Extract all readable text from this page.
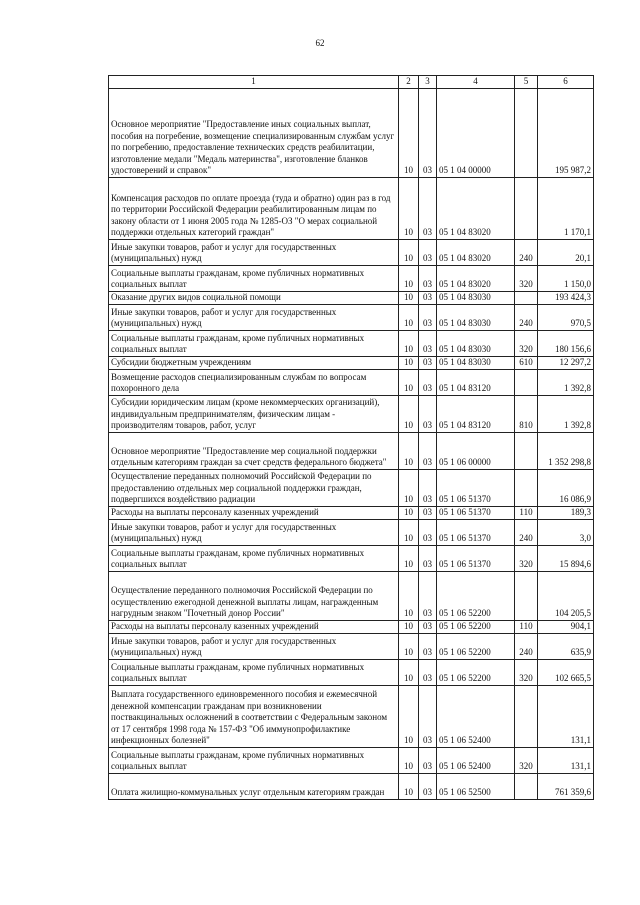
62
1	2	3	4	5	6
Основное мероприятие "Предоставление иных социальных выплат, пособия на погребение, возмещение специализированным службам услуг по погребению, предоставление технических средств реабилитации, изготовление медали "Медаль материнства", изготовление бланков удостоверений и справок"	10	03	05 1 04 00000		195 987,2
Компенсация расходов по оплате проезда (туда и обратно) один раз в год по территории Российской Федерации реабилитированным лицам по закону области от 1 июня 2005 года № 1285-ОЗ "О мерах социальной поддержки отдельных категорий граждан"	10	03	05 1 04 83020		1 170,1
Иные закупки товаров, работ и услуг для государственных (муниципальных) нужд	10	03	05 1 04 83020	240	20,1
Социальные выплаты гражданам, кроме публичных нормативных социальных выплат	10	03	05 1 04 83020	320	1 150,0
Оказание других видов социальной помощи	10	03	05 1 04 83030		193 424,3
Иные закупки товаров, работ и услуг для государственных (муниципальных) нужд	10	03	05 1 04 83030	240	970,5
Социальные выплаты гражданам, кроме публичных нормативных социальных выплат	10	03	05 1 04 83030	320	180 156,6
Субсидии бюджетным учреждениям	10	03	05 1 04 83030	610	12 297,2
Возмещение расходов специализированным службам по вопросам похоронного дела	10	03	05 1 04 83120		1 392,8
Субсидии юридическим лицам (кроме некоммерческих организаций), индивидуальным предпринимателям, физическим лицам - производителям товаров, работ, услуг	10	03	05 1 04 83120	810	1 392,8
Основное мероприятие "Предоставление мер социальной поддержки отдельным категориям граждан за счет средств федерального бюджета"	10	03	05 1 06 00000		1 352 298,8
Осуществление переданных полномочий Российской Федерации по предоставлению отдельных мер социальной поддержки граждан, подвергшихся воздействию радиации	10	03	05 1 06 51370		16 086,9
Расходы на выплаты персоналу казенных учреждений	10	03	05 1 06 51370	110	189,3
Иные закупки товаров, работ и услуг для государственных (муниципальных) нужд	10	03	05 1 06 51370	240	3,0
Социальные выплаты гражданам, кроме публичных нормативных социальных выплат	10	03	05 1 06 51370	320	15 894,6
Осуществление переданного полномочия Российской Федерации по осуществлению ежегодной денежной выплаты лицам, награжденным нагрудным знаком "Почетный донор России"	10	03	05 1 06 52200		104 205,5
Расходы на выплаты персоналу казенных учреждений	10	03	05 1 06 52200	110	904,1
Иные закупки товаров, работ и услуг для государственных (муниципальных) нужд	10	03	05 1 06 52200	240	635,9
Социальные выплаты гражданам, кроме публичных нормативных социальных выплат	10	03	05 1 06 52200	320	102 665,5
Выплата государственного единовременного пособия и ежемесячной денежной компенсации гражданам при возникновении поствакцинальных осложнений в соответствии с Федеральным законом от 17 сентября 1998 года № 157-ФЗ "Об иммунопрофилактике инфекционных болезней"	10	03	05 1 06 52400		131,1
Социальные выплаты гражданам, кроме публичных нормативных социальных выплат	10	03	05 1 06 52400	320	131,1
Оплата жилищно-коммунальных услуг отдельным категориям граждан	10	03	05 1 06 52500		761 359,6
